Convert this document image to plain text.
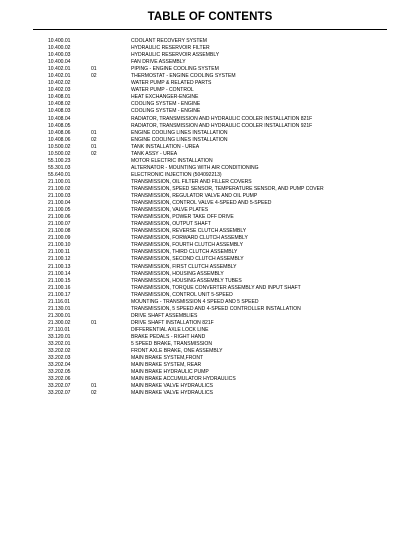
TABLE OF CONTENTS
10.400.01	COOLANT RECOVERY SYSTEM
10.400.02	HYDRAULIC RESERVOIR FILTER
10.400.03	HYDRAULIC RESERVOIR ASSEMBLY
10.400.04	FAN DRIVE ASSEMBLY
10.402.01	01	PIPING - ENGINE COOLING SYSTEM
10.402.01	02	THERMOSTAT - ENGINE COOLING SYSTEM
10.402.02	WATER PUMP & RELATED PARTS
10.402.03	WATER PUMP - CONTROL
10.408.01	HEAT EXCHANGER-ENGINE
10.408.02	COOLING SYSTEM - ENGINE
10.408.03	COOLING SYSTEM - ENGINE
10.408.04	RADIATOR, TRANSMISSION AND HYDRAULIC COOLER INSTALLATION 821F
10.408.05	RADIATOR, TRANSMISSION AND HYDRAULIC COOLER INSTALLATION 921F
10.408.06	01	ENGINE COOLING LINES INSTALLATION
10.408.06	02	ENGINE COOLING LINES INSTALLATION
10.500.02	01	TANK INSTALLATION - UREA
10.500.02	02	TANK ASSY - UREA
55.100.23	MOTOR ELECTRIC INSTALLATION
55.301.03	ALTERNATOR - MOUNTING WITH AIR CONDITIONING
55.640.01	ELECTRONIC INJECTION (504092213)
21.100.01	TRANSMISSION, OIL FILTER AND FILLER COVERS
21.100.02	TRANSMISSION, SPEED SENSOR, TEMPERATURE SENSOR, AND PUMP COVER
21.100.03	TRANSMISSION, REGULATOR VALVE AND OIL PUMP
21.100.04	TRANSMISSION, CONTROL VALVE 4-SPEED AND 5-SPEED
21.100.05	TRANSMISSION, VALVE PLATES
21.100.06	TRANSMISSION, POWER TAKE OFF DRIVE
21.100.07	TRANSMISSION, OUTPUT SHAFT
21.100.08	TRANSMISSION, REVERSE CLUTCH ASSEMBLY
21.100.09	TRANSMISSION, FORWARD CLUTCH ASSEMBLY
21.100.10	TRANSMISSION, FOURTH CLUTCH ASSEMBLY
21.100.11	TRANSMISSION, THIRD CLUTCH ASSEMBLY
21.100.12	TRANSMISSION, SECOND CLUTCH ASSEMBLY
21.100.13	TRANSMISSION, FIRST CLUTCH ASSEMBLY
21.100.14	TRANSMISSION, HOUSING ASSEMBLY
21.100.15	TRANSMISSION, HOUSING ASSEMBLY TUBES
21.100.16	TRANSMISSION, TORQUE CONVERTER ASSEMBLY AND INPUT SHAFT
21.100.17	TRANSMISSION, CONTROL UNIT 5-SPEED
21.116.01	MOUNTING - TRANSMISSION 4 SPEED AND 5 SPEED
21.130.01	TRANSMISSION, 5 SPEED AND 4-SPEED CONTROLLER INSTALLATION
21.300.01	DRIVE SHAFT ASSEMBLIES
21.300.02	01	DRIVE SHAFT INSTALLATION 821F
27.110.01	DIFFERENTIAL AXLE LOCK LINE
33.120.01	BRAKE PEDALS - RIGHT HAND
33.202.01	5 SPEED BRAKE, TRANSMISSION
33.202.02	FRONT AXLE BRAKE, ONE ASSEMBLY
33.202.03	MAIN BRAKE SYSTEM,FRONT
33.202.04	MAIN BRAKE SYSTEM, REAR
33.202.05	MAIN BRAKE HYDRAULIC PUMP
33.202.06	MAIN BRAKE ACCUMULATOR HYDRAULICS
33.202.07	01	MAIN BRAKE VALVE HYDRAULICS
33.202.07	02	MAIN BRAKE VALVE HYDRAULICS
